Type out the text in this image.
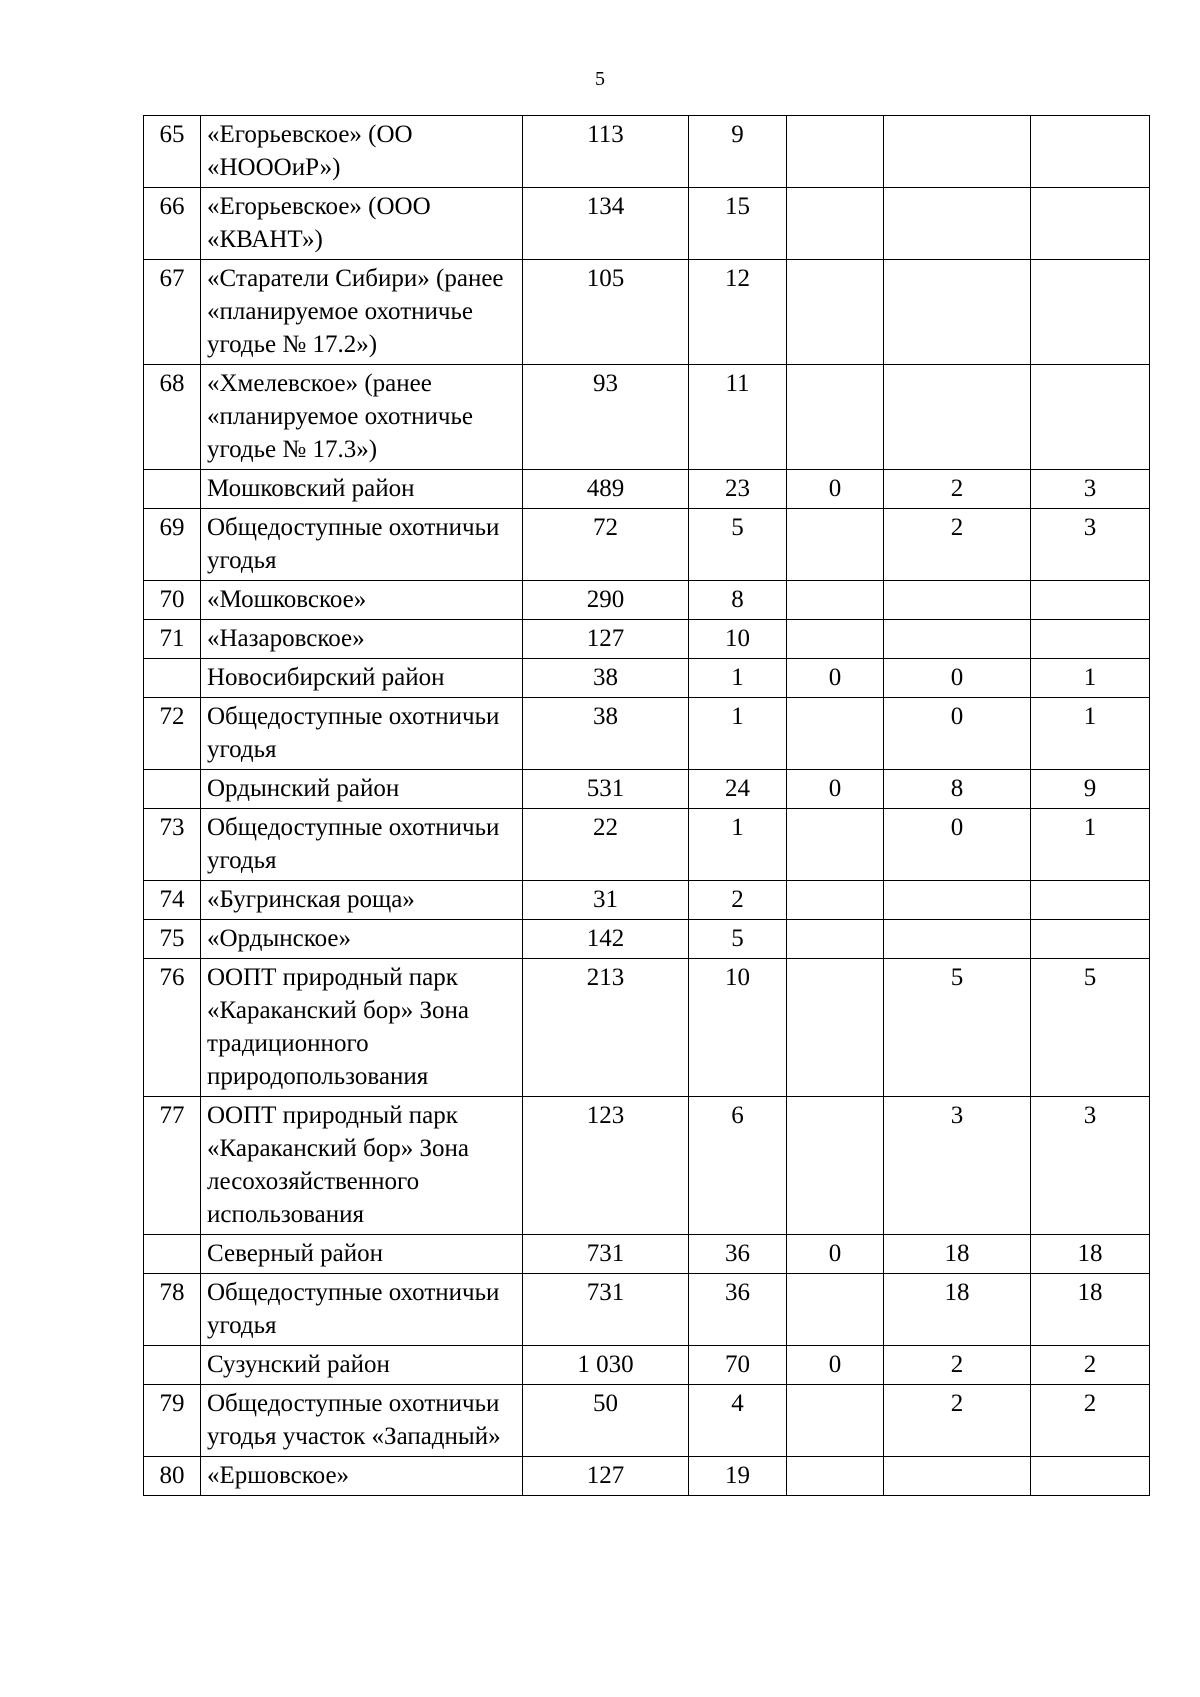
5
65	«Егорьевское» (ОО «НОООиР»)	113	9			
66	«Егорьевское» (ООО «КВАНТ»)	134	15			
67	«Старатели Сибири» (ранее «планируемое охотничье угодье № 17.2»)	105	12			
68	«Хмелевское» (ранее «планируемое охотничье угодье № 17.3»)	93	11			
	Мошковский район	489	23	0	2	3
69	Общедоступные охотничьи угодья	72	5		2	3
70	«Мошковское»	290	8			
71	«Назаровское»	127	10			
	Новосибирский район	38	1	0	0	1
72	Общедоступные охотничьи угодья	38	1		0	1
	Ордынский район	531	24	0	8	9
73	Общедоступные охотничьи угодья	22	1		0	1
74	«Бугринская роща»	31	2			
75	«Ордынское»	142	5			
76	ООПТ природный парк «Караканский бор» Зона традиционного природопользования	213	10		5	5
77	ООПТ природный парк «Караканский бор» Зона лесохозяйственного использования	123	6		3	3
	Северный район	731	36	0	18	18
78	Общедоступные охотничьи угодья	731	36		18	18
	Сузунский район	1 030	70	0	2	2
79	Общедоступные охотничьи угодья участок «Западный»	50	4		2	2
80	«Ершовское»	127	19			
